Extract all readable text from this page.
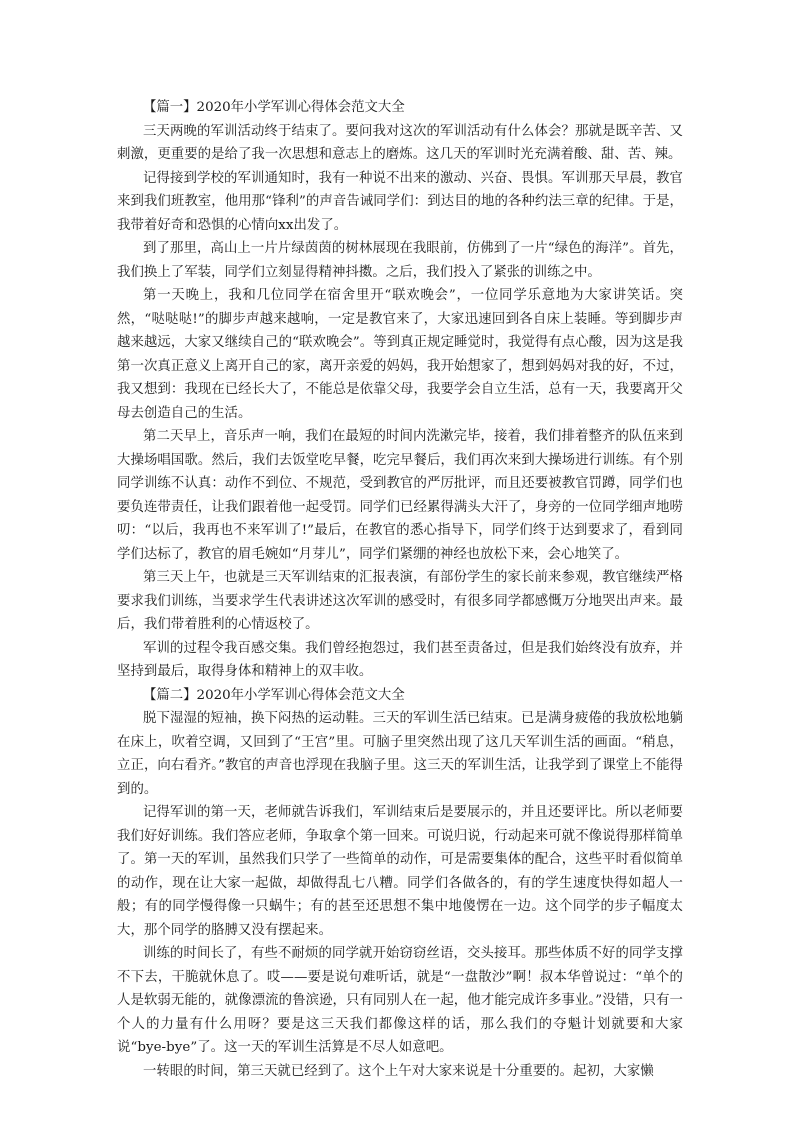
【篇一】2020年小学军训心得体会范文大全

三天两晚的军训活动终于结束了。要问我对这次的军训活动有什么体会？那就是既辛苦、又刺激，更重要的是给了我一次思想和意志上的磨炼。这几天的军训时光充满着酸、甜、苦、辣。

记得接到学校的军训通知时，我有一种说不出来的激动、兴奋、畏惧。军训那天早晨，教官来到我们班教室，他用那“锋利”的声音告诫同学们：到达目的地的各种约法三章的纪律。于是，我带着好奇和恐惧的心情向xx出发了。

到了那里，高山上一片片绿茵茵的树林展现在我眼前，仿佛到了一片“绿色的海洋”。首先，我们换上了军装，同学们立刻显得精神抖擞。之后，我们投入了紧张的训练之中。

第一天晚上，我和几位同学在宿舍里开“联欢晚会”，一位同学乐意地为大家讲笑话。突然，“哒哒哒!”的脚步声越来越响，一定是教官来了，大家迅速回到各自床上装睡。等到脚步声越来越远，大家又继续自己的“联欢晚会”。等到真正规定睡觉时，我觉得有点心酸，因为这是我第一次真正意义上离开自己的家，离开亲爱的妈妈，我开始想家了，想到妈妈对我的好，不过，我又想到：我现在已经长大了，不能总是依靠父母，我要学会自立生活，总有一天，我要离开父母去创造自己的生活。

第二天早上，音乐声一响，我们在最短的时间内洗漱完毕，接着，我们排着整齐的队伍来到大操场唱国歌。然后，我们去饭堂吃早餐，吃完早餐后，我们再次来到大操场进行训练。有个别同学训练不认真：动作不到位、不规范，受到教官的严厉批评，而且还要被教官罚蹲，同学们也要负连带责任，让我们跟着他一起受罚。同学们已经累得满头大汗了，身旁的一位同学细声地唠叨：“以后，我再也不来军训了!”最后，在教官的悉心指导下，同学们终于达到要求了，看到同学们达标了，教官的眉毛婉如“月芽儿”，同学们紧绷的神经也放松下来，会心地笑了。

第三天上午，也就是三天军训结束的汇报表演，有部份学生的家长前来参观，教官继续严格要求我们训练，当要求学生代表讲述这次军训的感受时，有很多同学都感慨万分地哭出声来。最后，我们带着胜利的心情返校了。

军训的过程令我百感交集。我们曾经抱怨过，我们甚至责备过，但是我们始终没有放弃，并坚持到最后，取得身体和精神上的双丰收。

【篇二】2020年小学军训心得体会范文大全

脱下湿湿的短袖，换下闷热的运动鞋。三天的军训生活已结束。已是满身疲倦的我放松地躺在床上，吹着空调，又回到了“王宫”里。可脑子里突然出现了这几天军训生活的画面。“稍息，立正，向右看齐。”教官的声音也浮现在我脑子里。这三天的军训生活，让我学到了课堂上不能得到的。

记得军训的第一天，老师就告诉我们，军训结束后是要展示的，并且还要评比。所以老师要我们好好训练。我们答应老师，争取拿个第一回来。可说归说，行动起来可就不像说得那样简单了。第一天的军训，虽然我们只学了一些简单的动作，可是需要集体的配合，这些平时看似简单的动作，现在让大家一起做，却做得乱七八糟。同学们各做各的，有的学生速度快得如超人一般；有的同学慢得像一只蜗牛；有的甚至还思想不集中地傻愣在一边。这个同学的步子幅度太大，那个同学的胳膊又没有摆起来。

训练的时间长了，有些不耐烦的同学就开始窃窃丝语，交头接耳。那些体质不好的同学支撑不下去，干脆就休息了。哎——要是说句难听话，就是“一盘散沙”啊！叔本华曾说过：“单个的人是软弱无能的，就像漂流的鲁滨逊，只有同别人在一起，他才能完成许多事业。”没错，只有一个人的力量有什么用呀？要是这三天我们都像这样的话，那么我们的夺魁计划就要和大家说“bye-bye”了。这一天的军训生活算是不尽人如意吧。

一转眼的时间，第三天就已经到了。这个上午对大家来说是十分重要的。起初，大家懒
